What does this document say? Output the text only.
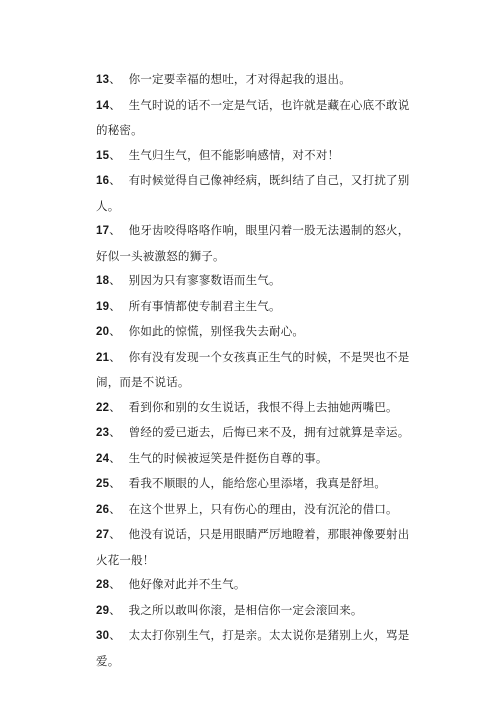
13、 你一定要幸福的想吐，才对得起我的退出。
14、 生气时说的话不一定是气话，也许就是藏在心底不敢说的秘密。
15、 生气归生气，但不能影响感情，对不对！
16、 有时候觉得自己像神经病，既纠结了自己，又打扰了别人。
17、 他牙齿咬得咯咯作响，眼里闪着一股无法遏制的怒火，好似一头被激怒的狮子。
18、 别因为只有寥寥数语而生气。
19、 所有事情都使专制君主生气。
20、 你如此的惊慌，别怪我失去耐心。
21、 你有没有发现一个女孩真正生气的时候，不是哭也不是闹，而是不说话。
22、 看到你和别的女生说话，我恨不得上去抽她两嘴巴。
23、 曾经的爱已逝去，后悔已来不及，拥有过就算是幸运。
24、 生气的时候被逗笑是件挺伤自尊的事。
25、 看我不顺眼的人，能给您心里添堵，我真是舒坦。
26、 在这个世界上，只有伤心的理由，没有沉沦的借口。
27、 他没有说话，只是用眼睛严厉地瞪着，那眼神像要射出火花一般！
28、 他好像对此并不生气。
29、 我之所以敢叫你滚，是相信你一定会滚回来。
30、 太太打你别生气，打是亲。太太说你是猪别上火，骂是爱。
